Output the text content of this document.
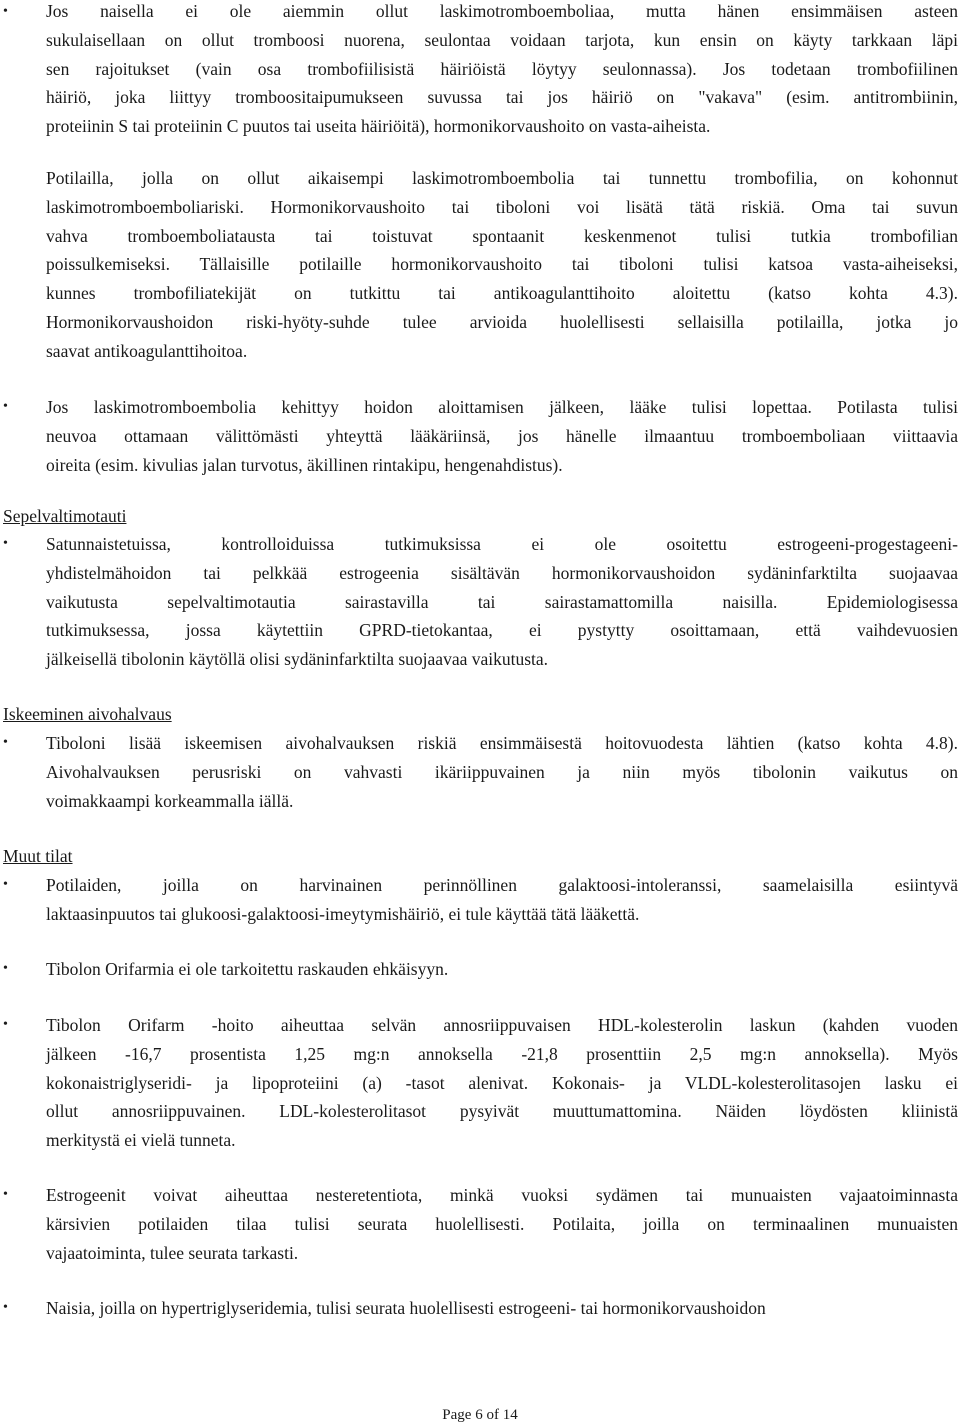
• Jos naisella ei ole aiemmin ollut laskimotromboemboliaa, mutta hänen ensimmäisen asteen
sukulaisellaan on ollut tromboosi nuorena, seulontaa voidaan tarjota, kun ensin on käyty tarkkaan läpi
sen rajoitukset (vain osa trombofiilisistä häiriöistä löytyy seulonnassa). Jos todetaan trombofiilinen
häiriö, joka liittyy tromboositaipumukseen suvussa tai jos häiriö on "vakava" (esim. antitrombiinin,
proteiinin S tai proteiinin C puutos tai useita häiriöitä), hormonikorvaushoito on vasta-aiheista.

Potilailla, jolla on ollut aikaisempi laskimotromboembolia tai tunnettu trombofilia, on kohonnut
laskimotromboemboliariski. Hormonikorvaushoito tai tiboloni voi lisätä tätä riskiä. Oma tai suvun
vahva tromboemboliatausta tai toistuvat spontaanit keskenmenot tulisi tutkia trombofilian
poissulkemiseksi. Tällaisille potilaille hormonikorvaushoito tai tiboloni tulisi katsoa vasta-aiheiseksi,
kunnes trombofiliatekijät on tutkittu tai antikoagulanttihoito aloitettu (katso kohta 4.3).
Hormonikorvaushoidon riski-hyöty-suhde tulee arvioida huolellisesti sellaisilla potilailla, jotka jo
saavat antikoagulanttihoitoa.

• Jos laskimotromboembolia kehittyy hoidon aloittamisen jälkeen, lääke tulisi lopettaa. Potilasta tulisi
neuvoa ottamaan välittömästi yhteyttä lääkäriinsä, jos hänelle ilmaantuu tromboemboliaan viittaavia
oireita (esim. kivulias jalan turvotus, äkillinen rintakipu, hengenahdistus).

Sepelvaltimotauti
• Satunnaistetuissa, kontrolloiduissa tutkimuksissa ei ole osoitettu estrogeeni-progestageeni-
yhdistelmähoidon tai pelkkää estrogeenia sisältävän hormonikorvaushoidon sydäninfarktilta suojaavaa
vaikutusta sepelvaltimotautia sairastavilla tai sairastamattomilla naisilla. Epidemiologisessa
tutkimuksessa, jossa käytettiin GPRD-tietokantaa, ei pystytty osoittamaan, että vaihdevuosien
jälkeisellä tibolonin käytöllä olisi sydäninfarktilta suojaavaa vaikutusta.

Iskeeminen aivohalvaus
• Tiboloni lisää iskeemisen aivohalvauksen riskiä ensimmäisestä hoitovuodesta lähtien (katso kohta 4.8).
Aivohalvauksen perusriski on vahvasti ikäriippuvainen ja niin myös tibolonin vaikutus on
voimakkaampi korkeammalla iällä.

Muut tilat
• Potilaiden, joilla on harvinainen perinnöllinen galaktoosi-intoleranssi, saamelaisilla esiintyvä
laktaasinpuutos tai glukoosi-galaktoosi-imeytymishäiriö, ei tule käyttää tätä lääkettä.

• Tibolon Orifarmia ei ole tarkoitettu raskauden ehkäisyyn.

• Tibolon Orifarm -hoito aiheuttaa selvän annosriippuvaisen HDL-kolesterolin laskun (kahden vuoden
jälkeen -16,7 prosentista 1,25 mg:n annoksella -21,8 prosenttiin 2,5 mg:n annoksella). Myös
kokonaistriglyseridi- ja lipoproteiini (a) -tasot alenivat. Kokonais- ja VLDL-kolesterolitasojen lasku ei
ollut annosriippuvainen. LDL-kolesterolitasot pysyivät muuttumattomina. Näiden löydösten kliinistä
merkitystä ei vielä tunneta.

• Estrogeenit voivat aiheuttaa nesteretentiota, minkä vuoksi sydämen tai munuaisten vajaatoiminnasta
kärsivien potilaiden tilaa tulisi seurata huolellisesti. Potilaita, joilla on terminaalinen munuaisten
vajaatoiminta, tulee seurata tarkasti.

• Naisia, joilla on hypertriglyseridemia, tulisi seurata huolellisesti estrogeeni- tai hormonikorvaushoidon

Page 6 of 14
